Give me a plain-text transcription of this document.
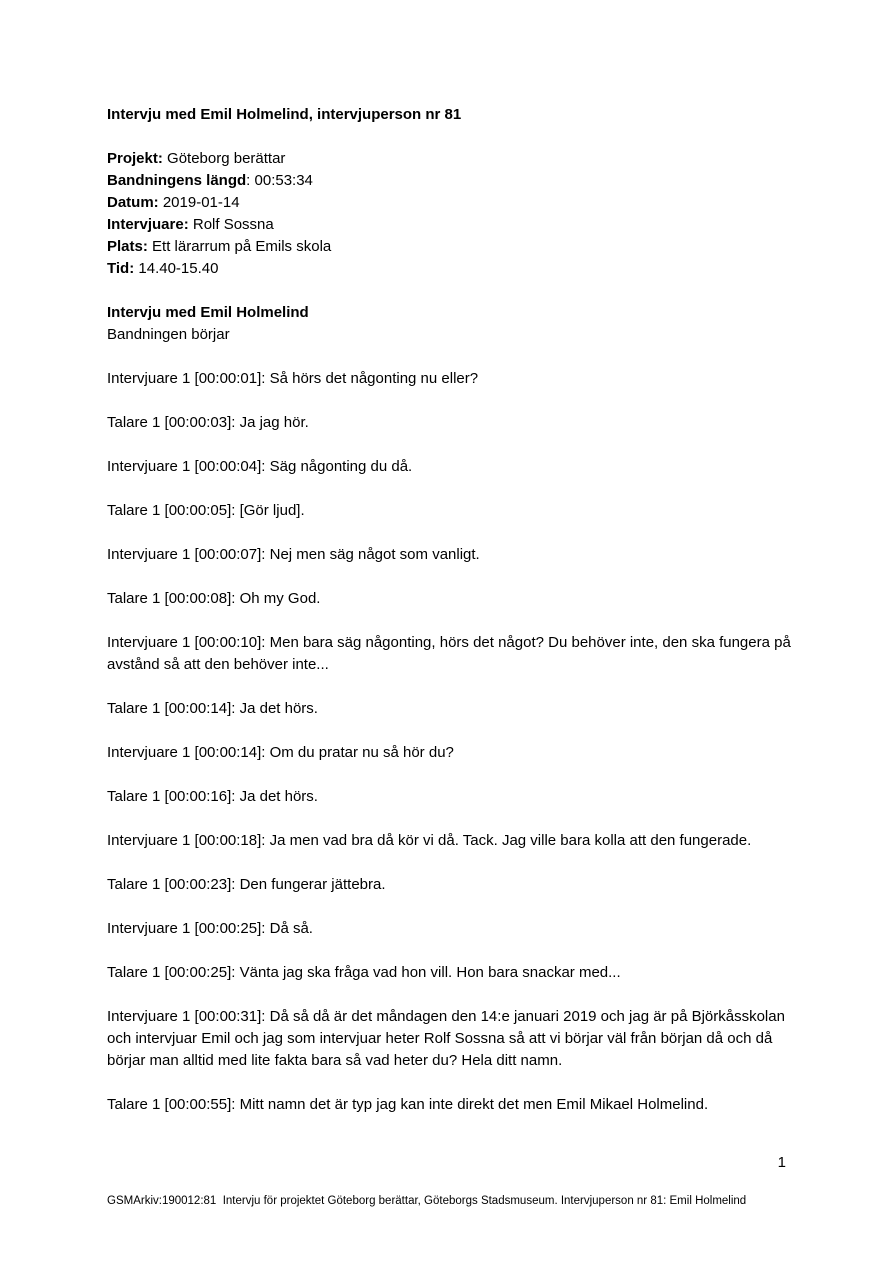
Intervju med Emil Holmelind, intervjuperson nr 81

Projekt: Göteborg berättar
Bandningens längd: 00:53:34
Datum: 2019-01-14
Intervjuare: Rolf Sossna
Plats: Ett lärarrum på Emils skola
Tid: 14.40-15.40
Intervju med Emil Holmelind
Bandningen börjar

Intervjuare 1 [00:00:01]: Så hörs det någonting nu eller?

Talare 1 [00:00:03]: Ja jag hör.

Intervjuare 1 [00:00:04]: Säg någonting du då.

Talare 1 [00:00:05]: [Gör ljud].

Intervjuare 1 [00:00:07]: Nej men säg något som vanligt.

Talare 1 [00:00:08]: Oh my God.

Intervjuare 1 [00:00:10]: Men bara säg någonting, hörs det något? Du behöver inte, den ska fungera på avstånd så att den behöver inte...

Talare 1 [00:00:14]: Ja det hörs.

Intervjuare 1 [00:00:14]: Om du pratar nu så hör du?

Talare 1 [00:00:16]: Ja det hörs.

Intervjuare 1 [00:00:18]: Ja men vad bra då kör vi då. Tack. Jag ville bara kolla att den fungerade.

Talare 1 [00:00:23]: Den fungerar jättebra.

Intervjuare 1 [00:00:25]: Då så.

Talare 1 [00:00:25]: Vänta jag ska fråga vad hon vill. Hon bara snackar med...

Intervjuare 1 [00:00:31]: Då så då är det måndagen den 14:e januari 2019 och jag är på Björkåsskolan och intervjuar Emil och jag som intervjuar heter Rolf Sossna så att vi börjar väl från början då och då börjar man alltid med lite fakta bara så vad heter du? Hela ditt namn.

Talare 1 [00:00:55]: Mitt namn det är typ jag kan inte direkt det men Emil Mikael Holmelind.

1
GSMArkiv:190012:81  Intervju för projektet Göteborg berättar, Göteborgs Stadsmuseum. Intervjuperson nr 81: Emil Holmelind
